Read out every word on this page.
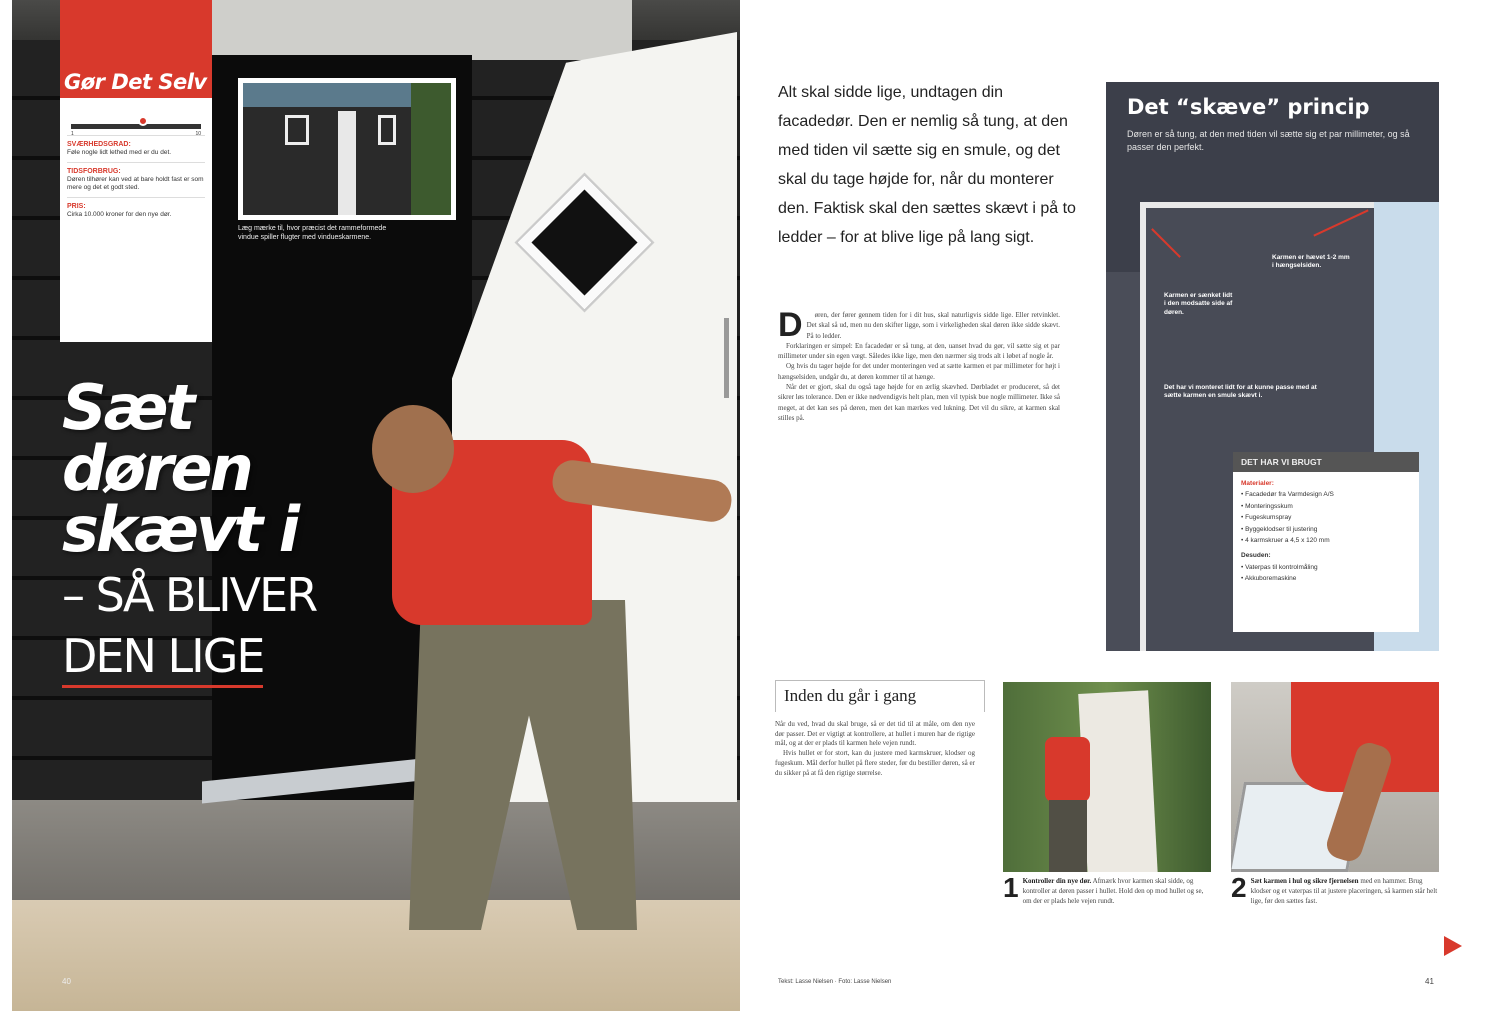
Gør Det Selv
1	10
SVÆRHEDSGRAD:
Føle nogle lidt lethed med er du det.
TIDSFORBRUG:
Døren tilhører kan ved at bare holdt fast er som mere og det et godt sted.
PRIS:
Cirka 10.000 kroner for den nye dør.
Læg mærke til, hvor præcist det rammeformede vindue spiller flugter med vindueskarmene.
Sæt
døren
skævt i
– SÅ BLIVER
DEN LIGE
40
Alt skal sidde lige, undtagen din facadedør. Den er nemlig så tung, at den med tiden vil sætte sig en smule, og det skal du tage højde for, når du monterer den. Faktisk skal den sættes skævt i på to ledder – for at blive lige på lang sigt.
D	øren, der fører gennem tiden for i dit hus, skal naturligvis sidde lige. Eller retvinklet. Det skal så ud, men nu den skifter ligge, som i virkeligheden skal døren ikke sidde skævt. På to ledder.

Forklaringen er simpel: En facadedør er så tung, at den, uanset hvad du gør, vil sætte sig et par millimeter under sin egen vægt. Således ikke lige, men den nærmer sig trods alt i løbet af nogle år.

Og hvis du tager højde for det under monteringen ved at sætte karmen et par millimeter for højt i hængselsiden, undgår du, at døren kommer til at hænge.

Når det er gjort, skal du også tage højde for en ærlig skævhed. Dørbladet er produceret, så det sikrer løs tolerance. Den er ikke nødvendigvis helt plan, men vil typisk bue nogle millimeter. Ikke så meget, at det kan ses på døren, men det kan mærkes ved lukning. Det vil du sikre, at karmen skal stilles på.

Det “skæve” princip
Døren er så tung, at den med tiden vil sætte sig et par millimeter, og så passer den perfekt.
Karmen er sænket lidt i den modsatte side af døren.
Karmen er hævet 1-2 mm i hængselsiden.
Det har vi monteret lidt for at kunne passe med at sætte karmen en smule skævt i.
DET HAR VI BRUGT
Materialer:
• Facadedør fra Varmdesign A/S
• Monteringsskum
• Fugeskumspray
• Byggeklodser til justering
• 4 karmskruer a 4,5 x 120 mm
Desuden:
• Vaterpas til kontrolmåling
• Akkuboremaskine
Inden du går i gang

Når du ved, hvad du skal bruge, så er det tid til at måle, om den nye dør passer. Det er vigtigt at kontrollere, at hullet i muren har de rigtige mål, og at der er plads til karmen hele vejen rundt.

Hvis hullet er for stort, kan du justere med karmskruer, klodser og fugeskum. Mål derfor hullet på flere steder, før du bestiller døren, så er du sikker på at få den rigtige størrelse.

1 Kontroller din nye dør. Afmærk hvor karmen skal sidde, og kontroller at døren passer i hullet. Hold den op mod hullet og se, om der er plads hele vejen rundt.	2 Sæt karmen i hul og sikre fjernelsen med en hammer. Brug klodser og et vaterpas til at justere placeringen, så karmen står helt lige, før den sættes fast.
Tekst: Lasse Nielsen · Foto: Lasse Nielsen	41
